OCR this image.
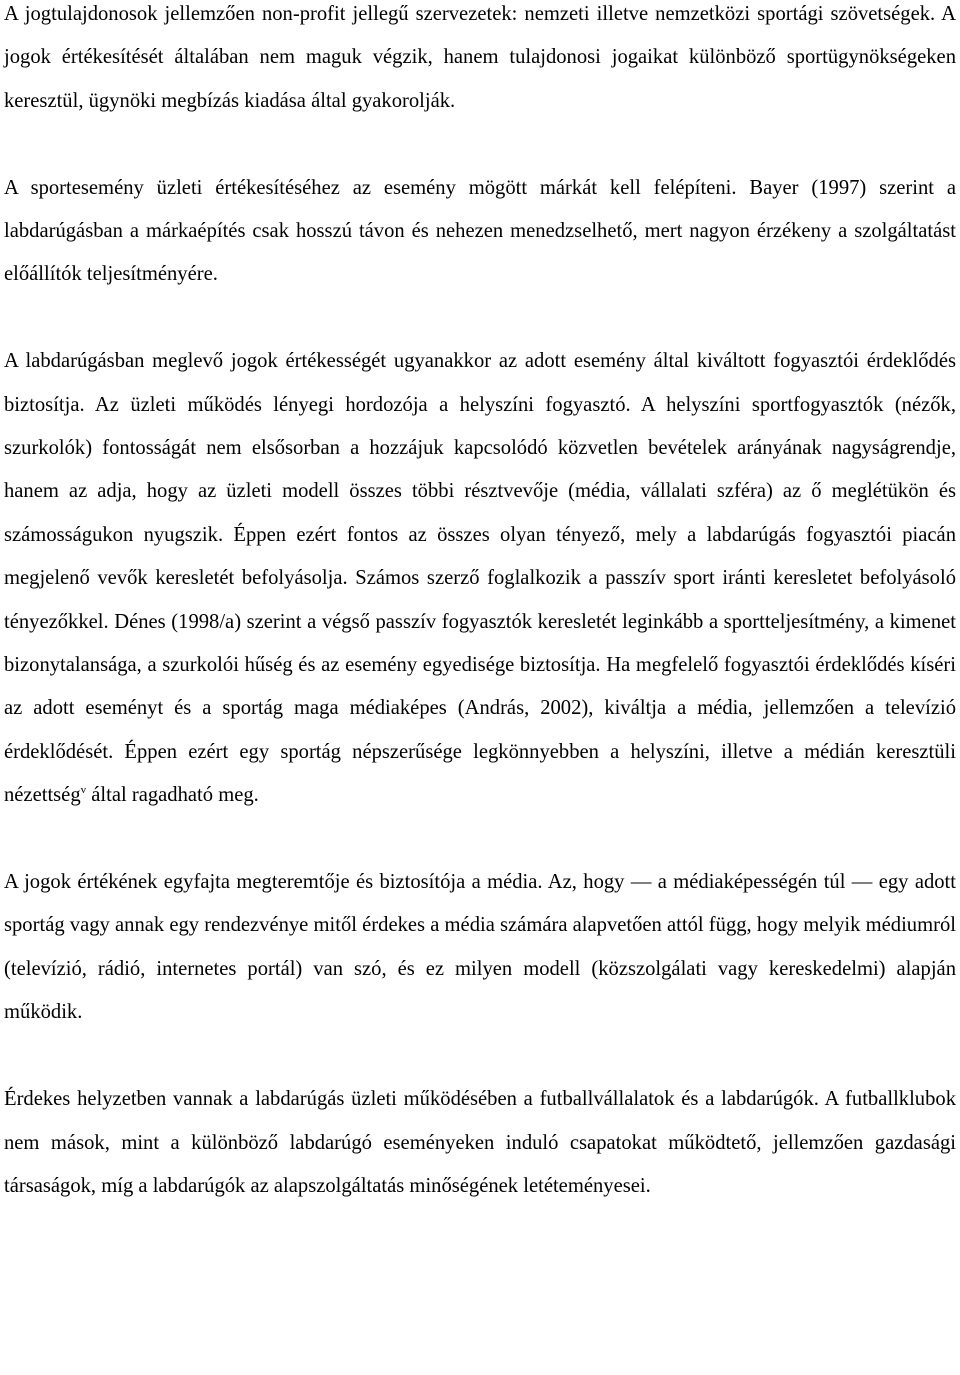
A jogtulajdonosok jellemzően non-profit jellegű szervezetek: nemzeti illetve nemzetközi sportági szövetségek. A jogok értékesítését általában nem maguk végzik, hanem tulajdonosi jogaikat különböző sportügynökségeken keresztül, ügynöki megbízás kiadása által gyakorolják.

A sportesemény üzleti értékesítéséhez az esemény mögött márkát kell felépíteni. Bayer (1997) szerint a labdarúgásban a márkaépítés csak hosszú távon és nehezen menedzselhető, mert nagyon érzékeny a szolgáltatást előállítók teljesítményére.

A labdarúgásban meglevő jogok értékességét ugyanakkor az adott esemény által kiváltott fogyasztói érdeklődés biztosítja. Az üzleti működés lényegi hordozója a helyszíni fogyasztó. A helyszíni sportfogyasztók (nézők, szurkolók) fontosságát nem elsősorban a hozzájuk kapcsolódó közvetlen bevételek arányának nagyságrendje, hanem az adja, hogy az üzleti modell összes többi résztvevője (média, vállalati szféra) az ő meglétükön és számosságukon nyugszik. Éppen ezért fontos az összes olyan tényező, mely a labdarúgás fogyasztói piacán megjelenő vevők keresletét befolyásolja. Számos szerző foglalkozik a passzív sport iránti keresletet befolyásoló tényezőkkel. Dénes (1998/a) szerint a végső passzív fogyasztók keresletét leginkább a sportteljesítmény, a kimenet bizonytalansága, a szurkolói hűség és az esemény egyedisége biztosítja. Ha megfelelő fogyasztói érdeklődés kíséri az adott eseményt és a sportág maga médiaképes (András, 2002), kiváltja a média, jellemzően a televízió érdeklődését. Éppen ezért egy sportág népszerűsége legkönnyebben a helyszíni, illetve a médián keresztüli nézettség$^v$ által ragadható meg.

A jogok értékének egyfajta megteremtője és biztosítója a média. Az, hogy ― a médiaképességén túl ― egy adott sportág vagy annak egy rendezvénye mitől érdekes a média számára alapvetően attól függ, hogy melyik médiumról (televízió, rádió, internetes portál) van szó, és ez milyen modell (közszolgálati vagy kereskedelmi) alapján működik.

Érdekes helyzetben vannak a labdarúgás üzleti működésében a futballvállalatok és a labdarúgók. A futballklubok nem mások, mint a különböző labdarúgó eseményeken induló csapatokat működtető, jellemzően gazdasági társaságok, míg a labdarúgók az alapszolgáltatás minőségének letéteményesei.
